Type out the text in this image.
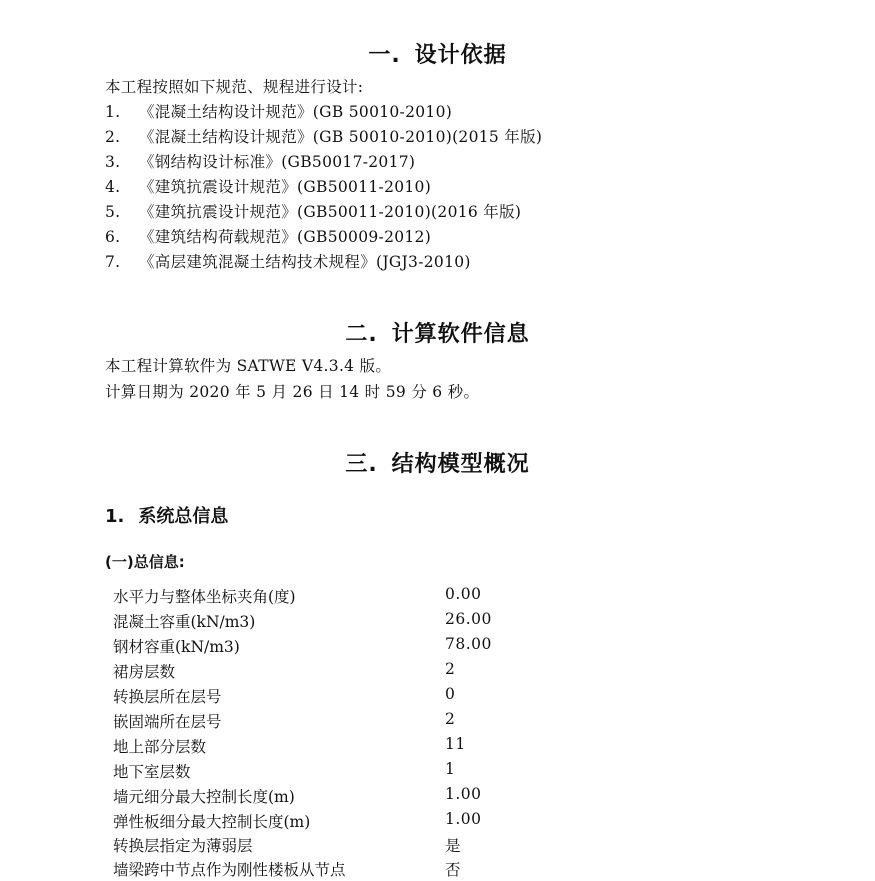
一. 设计依据
本工程按照如下规范、规程进行设计:
1. 《混凝土结构设计规范》(GB 50010-2010)
2. 《混凝土结构设计规范》(GB 50010-2010)(2015 年版)
3. 《钢结构设计标准》(GB50017-2017)
4. 《建筑抗震设计规范》(GB50011-2010)
5. 《建筑抗震设计规范》(GB50011-2010)(2016 年版)
6. 《建筑结构荷载规范》(GB50009-2012)
7. 《高层建筑混凝土结构技术规程》(JGJ3-2010)
二. 计算软件信息
本工程计算软件为 SATWE V4.3.4 版。
计算日期为 2020 年 5 月 26 日 14 时 59 分 6 秒。
三. 结构模型概况
1. 系统总信息
(一)总信息:
水平力与整体坐标夹角(度)	0.00
混凝土容重(kN/m3)	26.00
钢材容重(kN/m3)	78.00
裙房层数	2
转换层所在层号	0
嵌固端所在层号	2
地上部分层数	11
地下室层数	1
墙元细分最大控制长度(m)	1.00
弹性板细分最大控制长度(m)	1.00
转换层指定为薄弱层	是
墙梁跨中节点作为刚性楼板从节点	否
